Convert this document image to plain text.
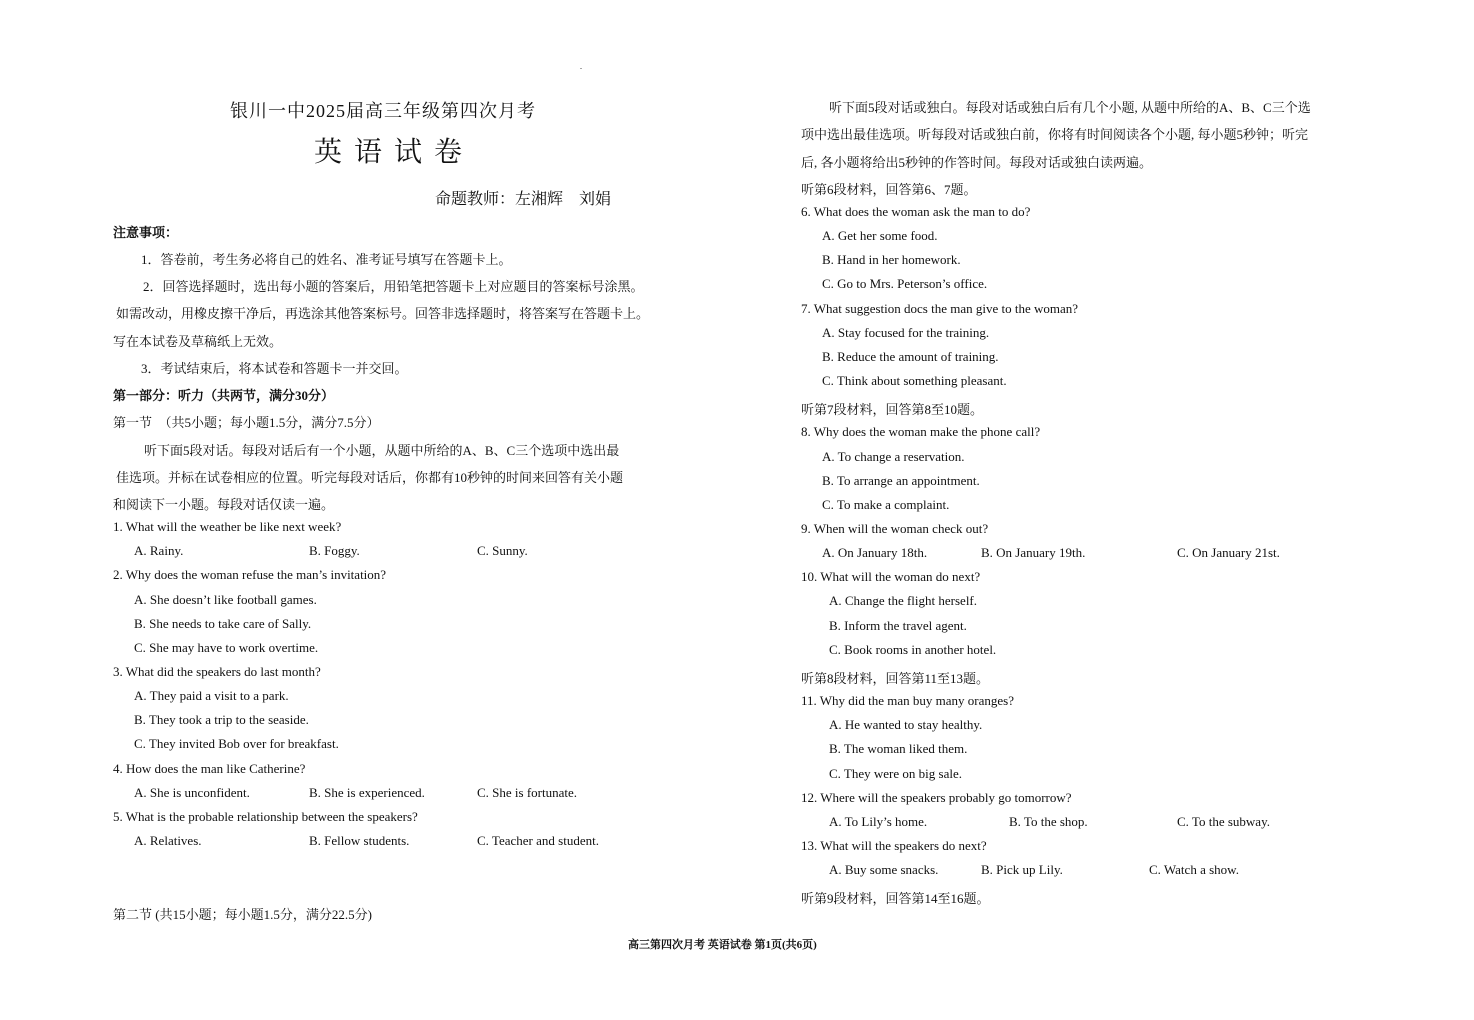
.
银川一中2025届高三年级第四次月考
英语试卷
命题教师：左湘辉　刘娟
注意事项：
1．答卷前，考生务必将自己的姓名、准考证号填写在答题卡上。
2．回答选择题时，选出每小题的答案后，用铅笔把答题卡上对应题目的答案标号涂黑。
如需改动，用橡皮擦干净后，再选涂其他答案标号。回答非选择题时，将答案写在答题卡上。
写在本试卷及草稿纸上无效。
3．考试结束后，将本试卷和答题卡一并交回。
第一部分：听力（共两节，满分30分）
第一节　（共5小题；每小题1.5分，满分7.5分）
听下面5段对话。每段对话后有一个小题，从题中所给的A、B、C三个选项中选出最
佳选项。并标在试卷相应的位置。听完每段对话后，你都有10秒钟的时间来回答有关小题
和阅读下一小题。每段对话仅读一遍。
1. What will the weather be like next week?
A. Rainy.	B. Foggy.	C. Sunny.
2. Why does the woman refuse the man’s invitation?
A. She doesn’t like football games.
B. She needs to take care of Sally.
C. She may have to work overtime.
3. What did the speakers do last month?
A. They paid a visit to a park.
B. They took a trip to the seaside.
C. They invited Bob over for breakfast.
4. How does the man like Catherine?
A. She is unconfident.	B. She is experienced.	C. She is fortunate.
5. What is the probable relationship between the speakers?
A. Relatives.	B. Fellow students.	C. Teacher and student.
第二节 (共15小题；每小题1.5分，满分22.5分)
听下面5段对话或独白。每段对话或独白后有几个小题, 从题中所给的A、B、C三个选
项中选出最佳选项。听每段对话或独白前，你将有时间阅读各个小题, 每小题5秒钟；听完
后, 各小题将给出5秒钟的作答时间。每段对话或独白读两遍。
听第6段材料，回答第6、7题。
6. What does the woman ask the man to do?
A. Get her some food.
B. Hand in her homework.
C. Go to Mrs. Peterson’s office.
7. What suggestion docs the man give to the woman?
A. Stay focused for the training.
B. Reduce the amount of training.
C. Think about something pleasant.
听第7段材料，回答第8至10题。
8. Why does the woman make the phone call?
A. To change a reservation.
B. To arrange an appointment.
C. To make a complaint.
9. When will the woman check out?
A. On January 18th.	B. On January 19th.	C. On January 21st.
10. What will the woman do next?
A. Change the flight herself.
B. Inform the travel agent.
C. Book rooms in another hotel.
听第8段材料，回答第11至13题。
11. Why did the man buy many oranges?
A. He wanted to stay healthy.
B. The woman liked them.
C. They were on big sale.
12. Where will the speakers probably go tomorrow?
A. To Lily’s home.	B. To the shop.	C. To the subway.
13. What will the speakers do next?
A. Buy some snacks.	B. Pick up Lily.	C. Watch a show.
听第9段材料，回答第14至16题。
高三第四次月考 英语试卷 第1页(共6页)
